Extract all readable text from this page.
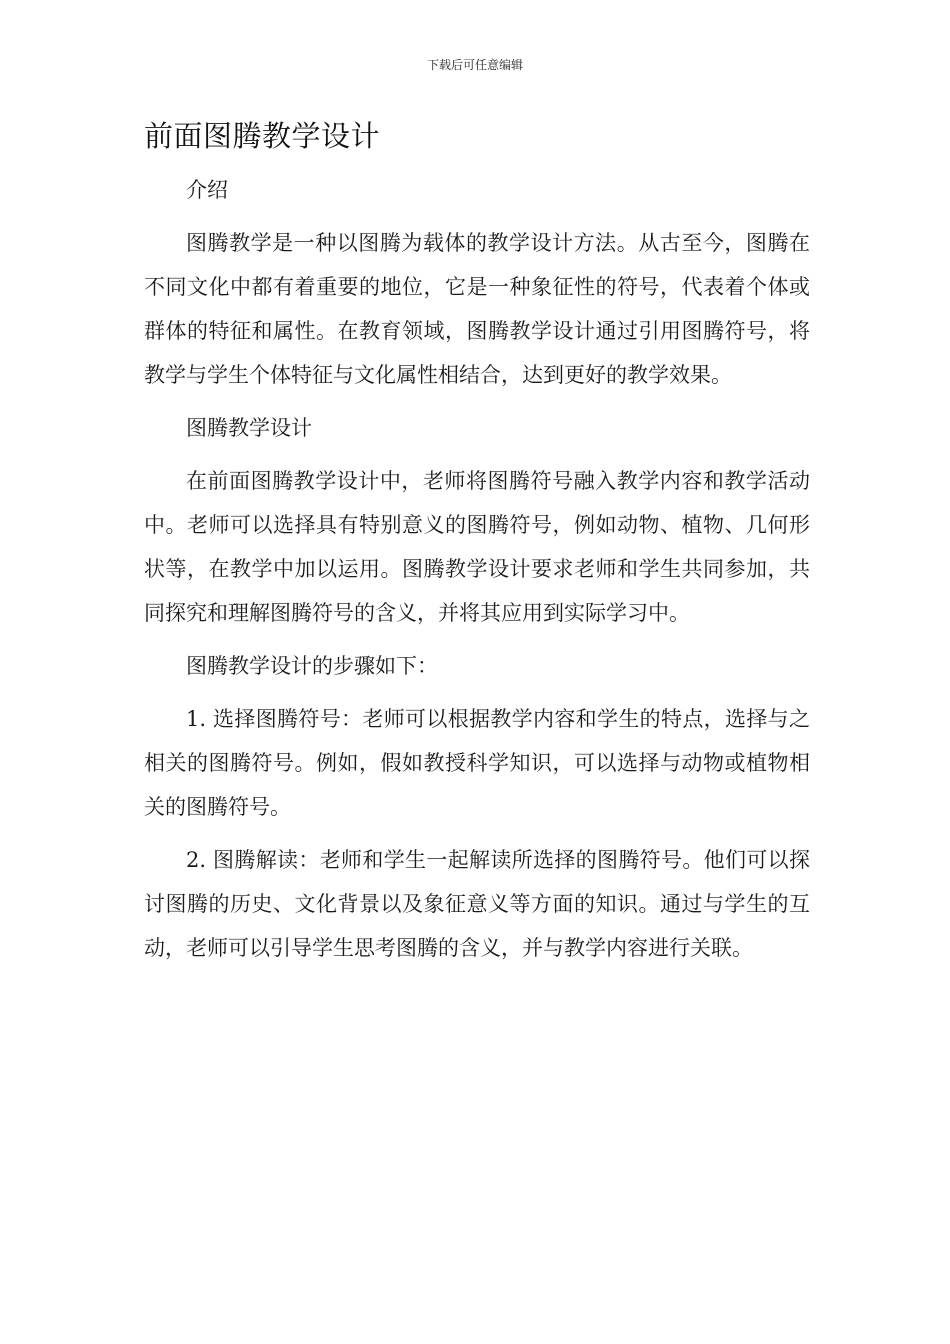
下载后可任意编辑
前面图腾教学设计

介绍

图腾教学是一种以图腾为载体的教学设计方法。从古至今，图腾在不同文化中都有着重要的地位，它是一种象征性的符号，代表着个体或群体的特征和属性。在教育领域，图腾教学设计通过引用图腾符号，将教学与学生个体特征与文化属性相结合，达到更好的教学效果。

图腾教学设计

在前面图腾教学设计中，老师将图腾符号融入教学内容和教学活动中。老师可以选择具有特别意义的图腾符号，例如动物、植物、几何形状等，在教学中加以运用。图腾教学设计要求老师和学生共同参加，共同探究和理解图腾符号的含义，并将其应用到实际学习中。

图腾教学设计的步骤如下：

1. 选择图腾符号：老师可以根据教学内容和学生的特点，选择与之相关的图腾符号。例如，假如教授科学知识，可以选择与动物或植物相关的图腾符号。

2. 图腾解读：老师和学生一起解读所选择的图腾符号。他们可以探讨图腾的历史、文化背景以及象征意义等方面的知识。通过与学生的互动，老师可以引导学生思考图腾的含义，并与教学内容进行关联。
